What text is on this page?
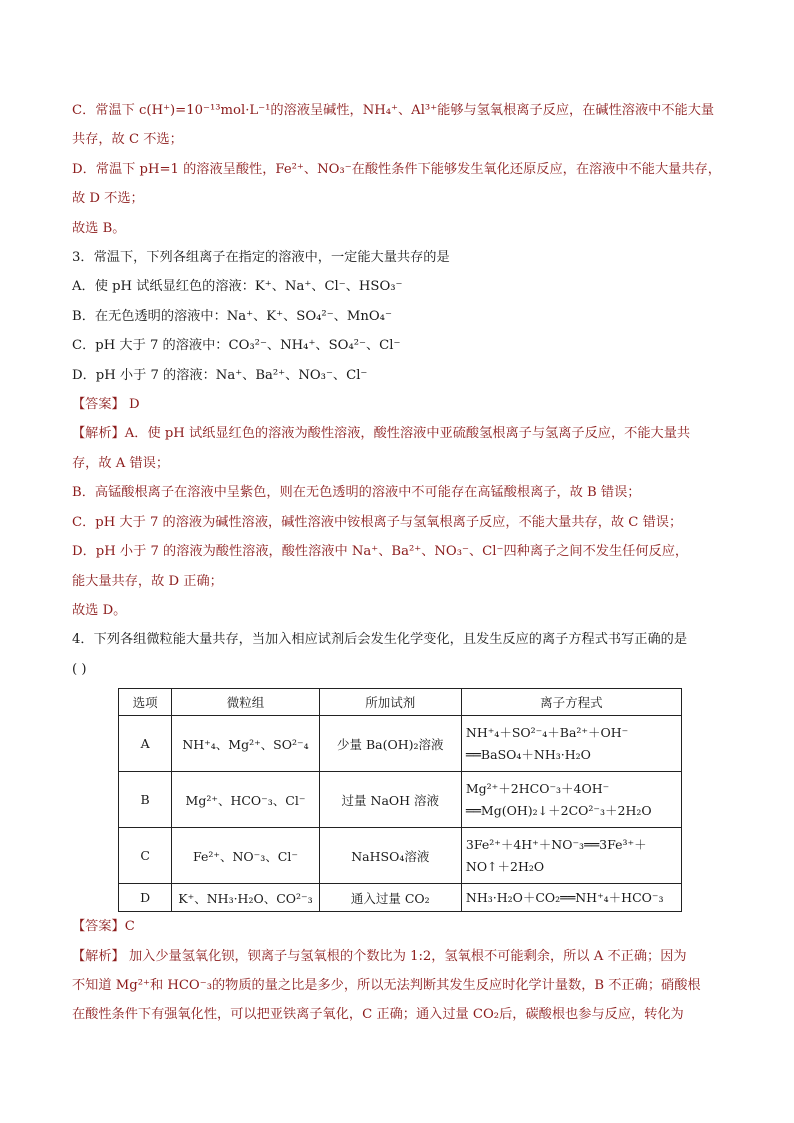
C．常温下 c(H⁺)=10⁻¹³mol·L⁻¹的溶液呈碱性，NH₄⁺、Al³⁺能够与氢氧根离子反应，在碱性溶液中不能大量
共存，故 C 不选；
D．常温下 pH=1 的溶液呈酸性，Fe²⁺、NO₃⁻在酸性条件下能够发生氧化还原反应，在溶液中不能大量共存，
故 D 不选；
故选 B。
3．常温下，下列各组离子在指定的溶液中，一定能大量共存的是
A．使 pH 试纸显红色的溶液：K⁺、Na⁺、Cl⁻、HSO₃⁻
B．在无色透明的溶液中：Na⁺、K⁺、SO₄²⁻、MnO₄⁻
C．pH 大于 7 的溶液中：CO₃²⁻、NH₄⁺、SO₄²⁻、Cl⁻
D．pH 小于 7 的溶液：Na⁺、Ba²⁺、NO₃⁻、Cl⁻
【答案】 D
【解析】A．使 pH 试纸显红色的溶液为酸性溶液，酸性溶液中亚硫酸氢根离子与氢离子反应，不能大量共
存，故 A 错误；
B．高锰酸根离子在溶液中呈紫色，则在无色透明的溶液中不可能存在高锰酸根离子，故 B 错误；
C．pH 大于 7 的溶液为碱性溶液，碱性溶液中铵根离子与氢氧根离子反应，不能大量共存，故 C 错误；
D．pH 小于 7 的溶液为酸性溶液，酸性溶液中 Na⁺、Ba²⁺、NO₃⁻、Cl⁻四种离子之间不发生任何反应，
能大量共存，故 D 正确；
故选 D。
4．下列各组微粒能大量共存，当加入相应试剂后会发生化学变化，且发生反应的离子方程式书写正确的是
( )
选项	微粒组	所加试剂	离子方程式
A	NH⁺₄、Mg²⁺、SO²⁻₄	少量 Ba(OH)₂溶液	NH⁺₄＋SO²⁻₄＋Ba²⁺＋OH⁻
══BaSO₄＋NH₃·H₂O

B	Mg²⁺、HCO⁻₃、Cl⁻	过量 NaOH 溶液	Mg²⁺＋2HCO⁻₃＋4OH⁻
══Mg(OH)₂↓＋2CO²⁻₃＋2H₂O

C	Fe²⁺、NO⁻₃、Cl⁻	NaHSO₄溶液	3Fe²⁺＋4H⁺＋NO⁻₃══3Fe³⁺＋
NO↑＋2H₂O

D	K⁺、NH₃·H₂O、CO²⁻₃	通入过量 CO₂	NH₃·H₂O＋CO₂══NH⁺₄＋HCO⁻₃
【答案】C
【解析】 加入少量氢氧化钡，钡离子与氢氧根的个数比为 1:2，氢氧根不可能剩余，所以 A 不正确；因为
不知道 Mg²⁺和 HCO⁻₃的物质的量之比是多少，所以无法判断其发生反应时化学计量数，B 不正确；硝酸根
在酸性条件下有强氧化性，可以把亚铁离子氧化，C 正确；通入过量 CO₂后，碳酸根也参与反应，转化为
